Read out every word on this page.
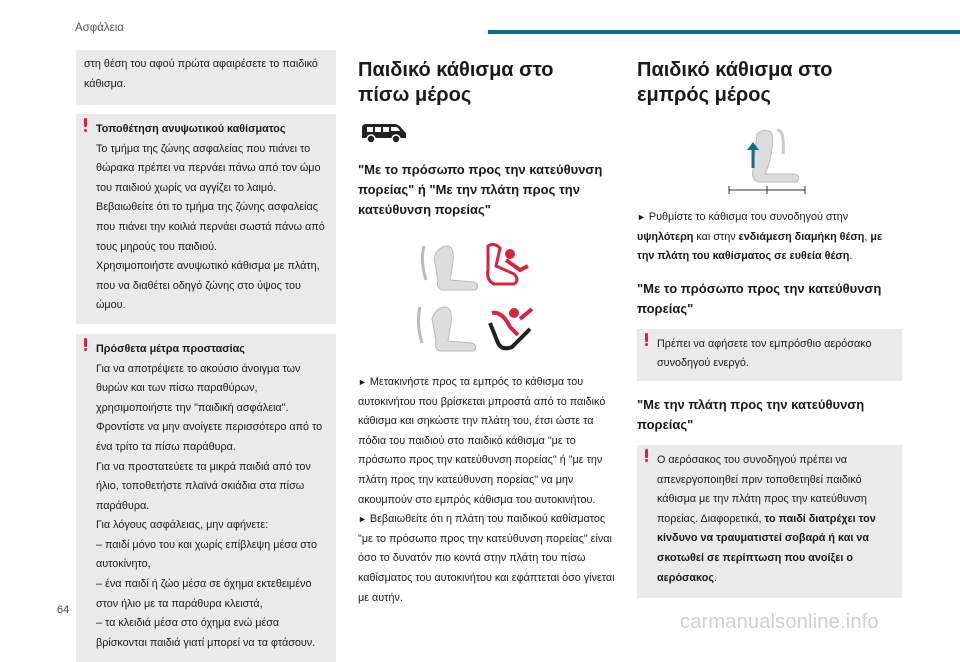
Ασφάλεια

στη θέση του αφού πρώτα αφαιρέσετε το παιδικό κάθισμα.

Τοποθέτηση ανυψωτικού καθίσματος

Το τμήμα της ζώνης ασφαλείας που πιάνει το θώρακα πρέπει να περνάει πάνω από τον ώμο του παιδιού χωρίς να αγγίζει το λαιμό.
Βεβαιωθείτε ότι το τμήμα της ζώνης ασφαλείας που πιάνει την κοιλιά περνάει σωστά πάνω από τους μηρούς του παιδιού.
Χρησιμοποιήστε ανυψωτικό κάθισμα με πλάτη, που να διαθέτει οδηγό ζώνης στο ύψος του ώμου.

Πρόσθετα μέτρα προστασίας

Για να αποτρέψετε το ακούσιο άνοιγμα των θυρών και των πίσω παραθύρων, χρησιμοποιήστε την "παιδική ασφάλεια".
Φροντίστε να μην ανοίγετε περισσότερο από το ένα τρίτο τα πίσω παράθυρα.
Για να προστατεύετε τα μικρά παιδιά από τον ήλιο, τοποθετήστε πλαϊνά σκιάδια στα πίσω παράθυρα.
Για λόγους ασφάλειας, μην αφήνετε:
– παιδί μόνο του και χωρίς επίβλεψη μέσα στο αυτοκίνητο,
– ένα παιδί ή ζώο μέσα σε όχημα εκτεθειμένο στον ήλιο με τα παράθυρα κλειστά,
– τα κλειδιά μέσα στο όχημα ενώ μέσα βρίσκονται παιδιά γιατί μπορεί να τα φτάσουν.

Παιδικό κάθισμα στο πίσω μέρος
"Με το πρόσωπο προς την κατεύθυνση πορείας" ή "Με την πλάτη προς την κατεύθυνση πορείας"

► Μετακινήστε προς τα εμπρός το κάθισμα του αυτοκινήτου που βρίσκεται μπροστά από το παιδικό κάθισμα και σηκώστε την πλάτη του, έτσι ώστε τα πόδια του παιδιού στο παιδικό κάθισμα "με το πρόσωπο προς την κατεύθυνση πορείας" ή "με την πλάτη προς την κατεύθυνση πορείας" να μην ακουμπούν στο εμπρός κάθισμα του αυτοκινήτου.
► Βεβαιωθείτε ότι η πλάτη του παιδικού καθίσματος "με το πρόσωπο προς την κατεύθυνση πορείας" είναι όσο το δυνατόν πιο κοντά στην πλάτη του πίσω καθίσματος του αυτοκινήτου και εφάπτεται όσο γίνεται με αυτήν.

Παιδικό κάθισμα στο εμπρός μέρος

► Ρυθμίστε το κάθισμα του συνοδηγού στην υψηλότερη και στην ενδιάμεση διαμήκη θέση, με την πλάτη του καθίσματος σε ευθεία θέση.

"Με το πρόσωπο προς την κατεύθυνση πορείας"

Πρέπει να αφήσετε τον εμπρόσθιο αερόσακο συνοδηγού ενεργό.

"Με την πλάτη προς την κατεύθυνση πορείας"

Ο αερόσακος του συνοδηγού πρέπει να απενεργοποιηθεί πριν τοποθετηθεί παιδικό κάθισμα με την πλάτη προς την κατεύθυνση πορείας. Διαφορετικά, το παιδί διατρέχει τον κίνδυνο να τραυματιστεί σοβαρά ή και να σκοτωθεί σε περίπτωση που ανοίξει ο αερόσακος.

64
carmanualsonline.info
